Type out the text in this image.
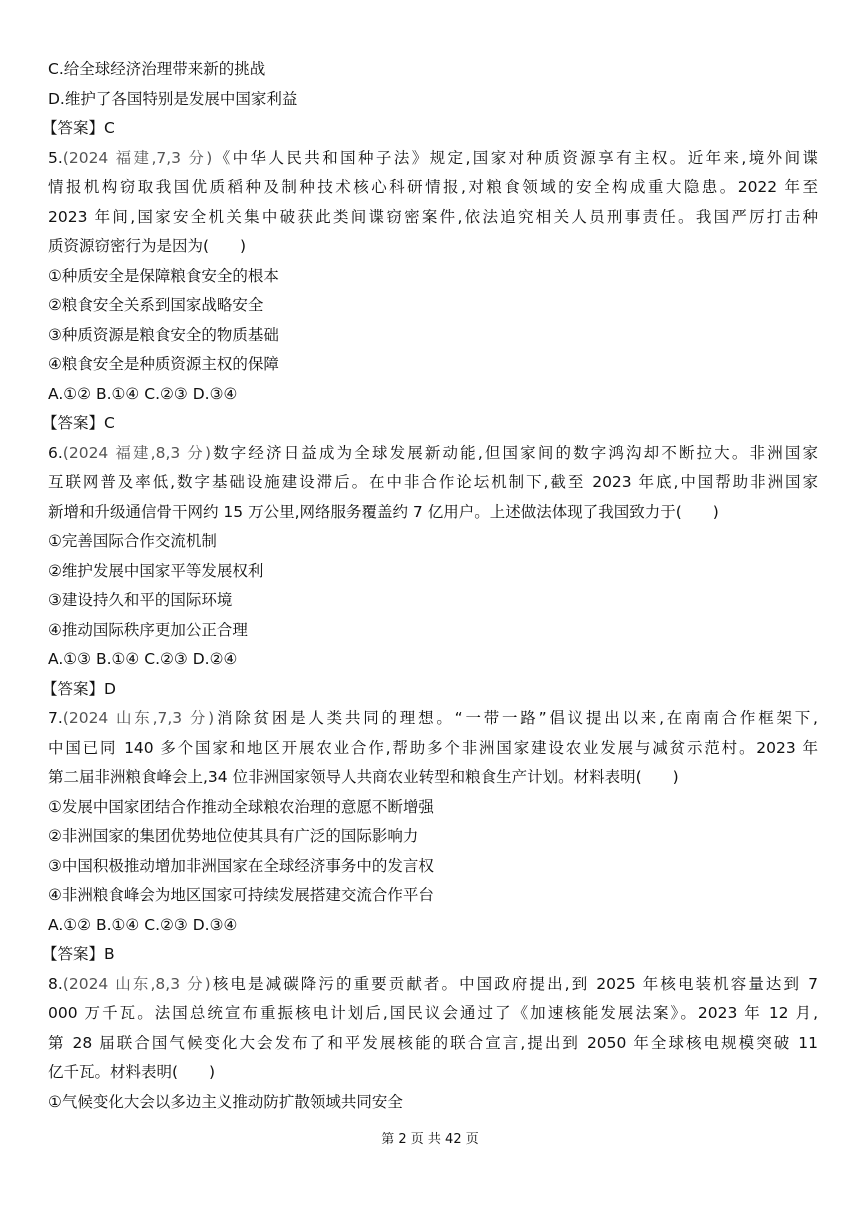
C.给全球经济治理带来新的挑战
D.维护了各国特别是发展中国家利益
【答案】C
5.(2024 福建,7,3 分)《中华人民共和国种子法》规定,国家对种质资源享有主权。近年来,境外间谍
情报机构窃取我国优质稻种及制种技术核心科研情报,对粮食领域的安全构成重大隐患。2022 年至
2023 年间,国家安全机关集中破获此类间谍窃密案件,依法追究相关人员刑事责任。我国严厉打击种
质资源窃密行为是因为(　　)
①种质安全是保障粮食安全的根本
②粮食安全关系到国家战略安全
③种质资源是粮食安全的物质基础
④粮食安全是种质资源主权的保障
A.①② B.①④ C.②③ D.③④
【答案】C
6.(2024 福建,8,3 分)数字经济日益成为全球发展新动能,但国家间的数字鸿沟却不断拉大。非洲国家
互联网普及率低,数字基础设施建设滞后。在中非合作论坛机制下,截至 2023 年底,中国帮助非洲国家
新增和升级通信骨干网约 15 万公里,网络服务覆盖约 7 亿用户。上述做法体现了我国致力于(　　)
①完善国际合作交流机制
②维护发展中国家平等发展权利
③建设持久和平的国际环境
④推动国际秩序更加公正合理
A.①③ B.①④ C.②③ D.②④
【答案】D
7.(2024 山东,7,3 分)消除贫困是人类共同的理想。“一带一路”倡议提出以来,在南南合作框架下,
中国已同 140 多个国家和地区开展农业合作,帮助多个非洲国家建设农业发展与减贫示范村。2023 年
第二届非洲粮食峰会上,34 位非洲国家领导人共商农业转型和粮食生产计划。材料表明(　　)
①发展中国家团结合作推动全球粮农治理的意愿不断增强
②非洲国家的集团优势地位使其具有广泛的国际影响力
③中国积极推动增加非洲国家在全球经济事务中的发言权
④非洲粮食峰会为地区国家可持续发展搭建交流合作平台
A.①② B.①④ C.②③ D.③④
【答案】B
8.(2024 山东,8,3 分)核电是减碳降污的重要贡献者。中国政府提出,到 2025 年核电装机容量达到 7
000 万千瓦。法国总统宣布重振核电计划后,国民议会通过了《加速核能发展法案》。2023 年 12 月,
第 28 届联合国气候变化大会发布了和平发展核能的联合宣言,提出到 2050 年全球核电规模突破 11
亿千瓦。材料表明(　　)
①气候变化大会以多边主义推动防扩散领域共同安全
第 2 页 共 42 页
